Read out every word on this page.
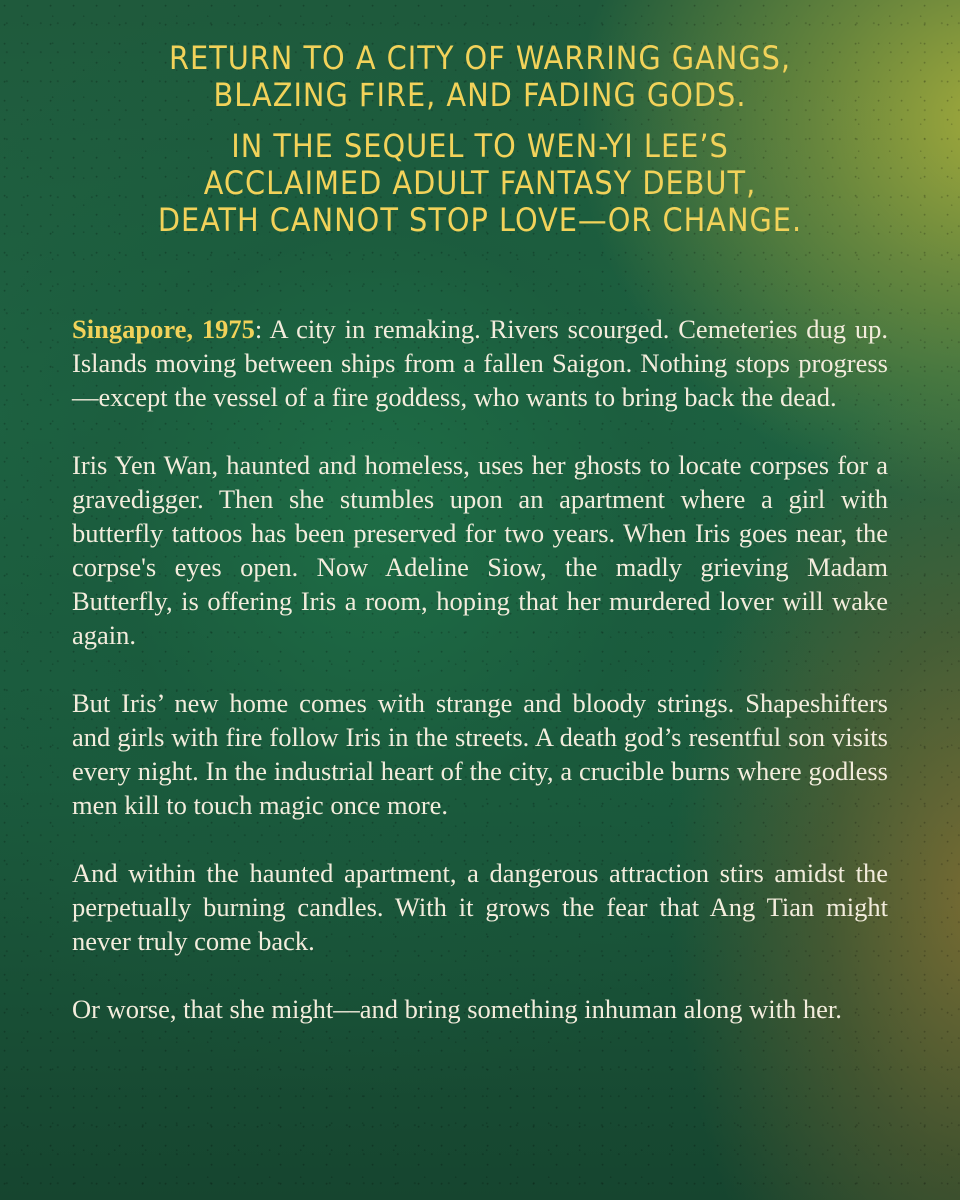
RETURN TO A CITY OF WARRING GANGS,
BLAZING FIRE, AND FADING GODS.

IN THE SEQUEL TO WEN-YI LEE’S
ACCLAIMED ADULT FANTASY DEBUT,
DEATH CANNOT STOP LOVE—OR CHANGE.

Singapore, 1975: A city in remaking. Rivers scourged. Cemeteries dug up. Islands moving between ships from a fallen Saigon. Nothing stops progress—except the vessel of a fire goddess, who wants to bring back the dead.

Iris Yen Wan, haunted and homeless, uses her ghosts to locate corpses for a gravedigger. Then she stumbles upon an apartment where a girl with butterfly tattoos has been preserved for two years. When Iris goes near, the corpse's eyes open. Now Adeline Siow, the madly grieving Madam Butterfly, is offering Iris a room, hoping that her murdered lover will wake again.

But Iris’ new home comes with strange and bloody strings. Shapeshifters and girls with fire follow Iris in the streets. A death god’s resentful son visits every night. In the industrial heart of the city, a crucible burns where godless men kill to touch magic once more.

And within the haunted apartment, a dangerous attraction stirs amidst the perpetually burning candles. With it grows the fear that Ang Tian might never truly come back.

Or worse, that she might—and bring something inhuman along with her.
